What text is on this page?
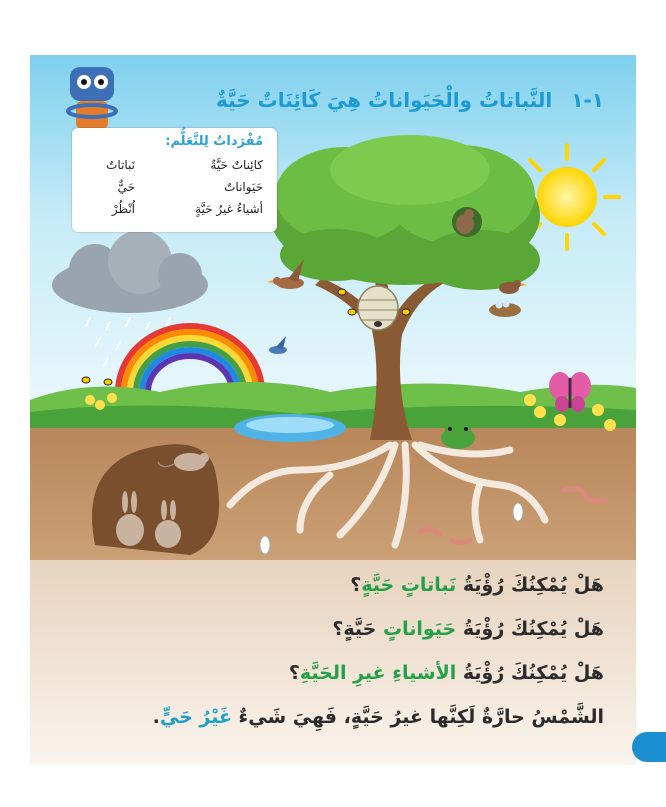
١-١ النَّباتاتُ والْحَيَواناتُ هِيَ كَائِنَاتٌ حَيَّةٌ
مُفْرَداتٌ لِلتَّعَلُّم:
كائِناتٌ حَيَّةٌ
حَيَواناتٌ
أشياءُ غيرُ حَيَّةٍ
نَباتاتٌ
حَيٌّ
اُنْظُرْ
هَلْ يُمْكِنُكَ رُؤْيَةُ نَباتاتٍ حَيَّةٍ؟
هَلْ يُمْكِنُكَ رُؤْيَةُ حَيَواناتٍ حَيَّةٍ؟
هَلْ يُمْكِنُكَ رُؤْيَةُ الأشياءِ غيرِ الحَيَّةِ؟
الشَّمْسُ حارَّةٌ لَكِنَّها غيرُ حَيَّةٍ، فَهِيَ شَيءٌ غَيْرُ حَيٍّ.
